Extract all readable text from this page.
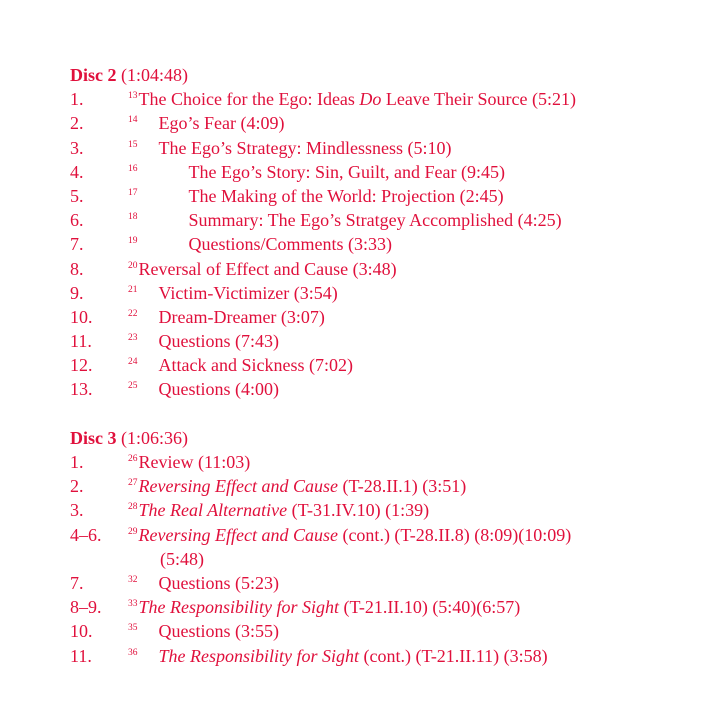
Disc 2 (1:04:48)
1.	$^{13}$The Choice for the Ego: Ideas Do Leave Their Source (5:21)
2.	$^{14}$ Ego’s Fear (4:09)
3.	$^{15}$ The Ego’s Strategy: Mindlessness (5:10)
4.	$^{16}$	The Ego’s Story: Sin, Guilt, and Fear (9:45)
5.	$^{17}$	The Making of the World: Projection (2:45)
6.	$^{18}$	Summary: The Ego’s Stratgey Accomplished (4:25)
7.	$^{19}$	Questions/Comments (3:33)
8.	$^{20}$Reversal of Effect and Cause (3:48)
9.	$^{21}$ Victim-Victimizer (3:54)
10.	$^{22}$ Dream-Dreamer (3:07)
11.	$^{23}$ Questions (7:43)
12.	$^{24}$ Attack and Sickness (7:02)
13.	$^{25}$ Questions (4:00)
Disc 3 (1:06:36)
1.	$^{26}$Review (11:03)
2.	$^{27}$Reversing Effect and Cause (T-28.II.1) (3:51)
3.	$^{28}$The Real Alternative (T-31.IV.10) (1:39)
4–6.	$^{29}$Reversing Effect and Cause (cont.) (T-28.II.8) (8:09)(10:09)
(5:48)
7.	$^{32}$ Questions (5:23)
8–9.	$^{33}$The Responsibility for Sight (T-21.II.10) (5:40)(6:57)
10.	$^{35}$ Questions (3:55)
11.	$^{36}$ The Responsibility for Sight (cont.) (T-21.II.11) (3:58)
